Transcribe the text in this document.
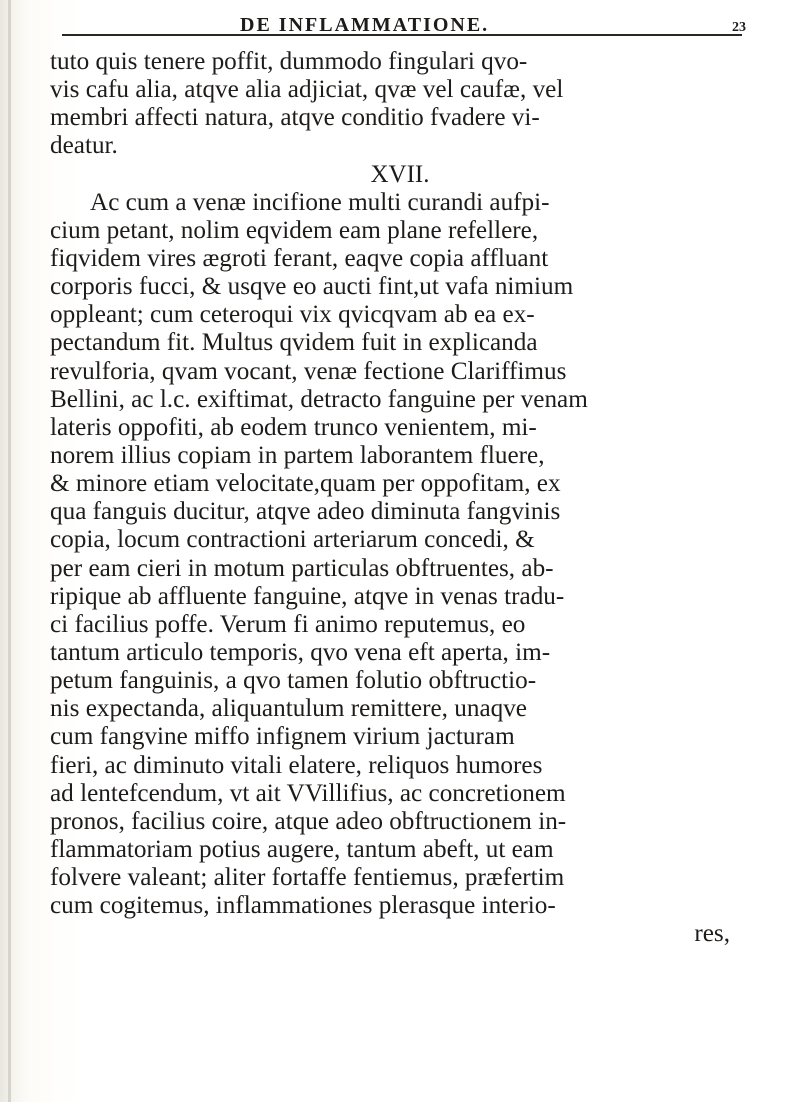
DE INFLAMMATIONE.	23
tuto quis tenere poffit, dummodo fingulari qvo-
vis cafu alia, atqve alia adjiciat, qvæ vel caufæ, vel
membri affecti natura, atqve conditio fvadere vi-
deatur.
XVII.
Ac cum a venæ incifione multi curandi aufpi-
cium petant, nolim eqvidem eam plane refellere,
fiqvidem vires ægroti ferant, eaqve copia affluant
corporis fucci, & usqve eo aucti fint,ut vafa nimium
oppleant; cum ceteroqui vix qvicqvam ab ea ex-
pectandum fit. Multus qvidem fuit in explicanda
revulforia, qvam vocant, venæ fectione Clariffimus
Bellini, ac l.c. exiftimat, detracto fanguine per venam
lateris oppofiti, ab eodem trunco venientem, mi-
norem illius copiam in partem laborantem fluere,
& minore etiam velocitate,quam per oppofitam, ex
qua fanguis ducitur, atqve adeo diminuta fangvinis
copia, locum contractioni arteriarum concedi, &
per eam cieri in motum particulas obftruentes, ab-
ripique ab affluente fanguine, atqve in venas tradu-
ci facilius poffe. Verum fi animo reputemus, eo
tantum articulo temporis, qvo vena eft aperta, im-
petum fanguinis, a qvo tamen folutio obftructio-
nis expectanda, aliquantulum remittere, unaqve
cum fangvine miffo infignem virium jacturam
fieri, ac diminuto vitali elatere, reliquos humores
ad lentefcendum, vt ait VVillifius, ac concretionem
pronos, facilius coire, atque adeo obftructionem in-
flammatoriam potius augere, tantum abeft, ut eam
folvere valeant; aliter fortaffe fentiemus, præfertim
cum cogitemus, inflammationes plerasque interio-
res,
